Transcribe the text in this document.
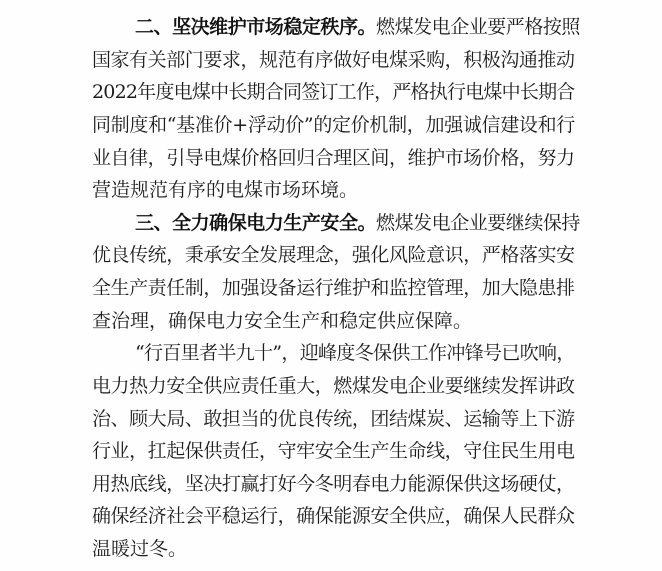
二、坚决维护市场稳定秩序。燃煤发电企业要严格按照
国家有关部门要求，规范有序做好电煤采购，积极沟通推动
2022年度电煤中长期合同签订工作，严格执行电煤中长期合
同制度和“基准价+浮动价”的定价机制，加强诚信建设和行
业自律，引导电煤价格回归合理区间，维护市场价格，努力
营造规范有序的电煤市场环境。
三、全力确保电力生产安全。燃煤发电企业要继续保持
优良传统，秉承安全发展理念，强化风险意识，严格落实安
全生产责任制，加强设备运行维护和监控管理，加大隐患排
查治理，确保电力安全生产和稳定供应保障。
“行百里者半九十”，迎峰度冬保供工作冲锋号已吹响，
电力热力安全供应责任重大，燃煤发电企业要继续发挥讲政
治、顾大局、敢担当的优良传统，团结煤炭、运输等上下游
行业，扛起保供责任，守牢安全生产生命线，守住民生用电
用热底线，坚决打赢打好今冬明春电力能源保供这场硬仗，
确保经济社会平稳运行，确保能源安全供应，确保人民群众
温暖过冬。
